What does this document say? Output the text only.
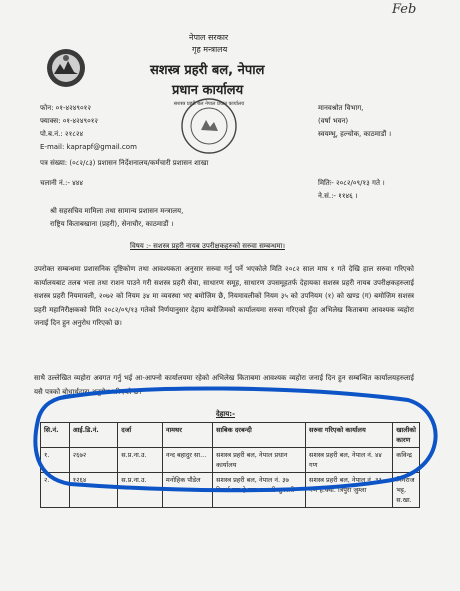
Feb
नेपाल सरकार
गृह मन्त्रालय
सशस्त्र प्रहरी बल, नेपाल
प्रधान कार्यालय
सशस्त्र प्रहरी बल नेपाल प्रधान कार्यालय
फोन: ०१-४२४९०१२
फ्याक्स: ०१-४२४९०१२
पो.ब.नं.: २१८२४
E-mail: kaprapf@gmail.com
मानवश्रोत विभाग,
(वर्षा भवन)
स्वयम्भू, हल्चोक, काठमाडौं ।
पत्र संख्या: (०८२/८३) प्रशासन निर्देशनालय/कर्मचारी प्रशासन शाखा
चलानी नं.:- ४४४	मितिः- २०८२/०९/१३ गते ।
ने.सं.:- ११४६ ।
श्री सहसचिव मामिला तथा सामान्य प्रशासन मन्त्रालय,
राष्ट्रिय किताबखाना (प्रहरी), सेनाचौर, काठमाडौं ।
विषय :- सशस्त्र प्रहरी नायब उपरीक्षकहरुको सरुवा सम्बन्धमा।
उपरोक्त सम्बन्धमा प्रशासनिक दृष्टिकोण तथा आवश्यकता अनुसार सरुवा गर्नु पर्ने भएकोले मिति २०८२ साल माघ १ गते देखि हाल सरुवा गरिएको कार्यालयबाट तलब भत्ता तथा राशन पाउने गरी सशस्त्र प्रहरी सेवा, साधारण समूह, साधारण उपसमूहतर्फ देहायका सशस्त्र प्रहरी नायब उपरीक्षकहरुलाई सशस्त्र प्रहरी नियमावली, २०७२ को नियम ३४ मा व्यवस्था भए बमोजिम छै, नियमावलीको नियम ३५ को उपनियम (१) को खण्ड (ग) बमोजिम सशस्त्र प्रहरी महानिरीक्षकको मिति २०८२/०९/१३ गतेको निर्णयानुसार देहाय बमोजिमको कार्यालयमा सरुवा गरिएको हुँदा अभिलेख किताबमा आवश्यक व्यहोरा जनाई दिन हुन अनुरोध गरिएको छ।
साथै उल्लेखित व्यहोरा अवगत गर्नु भई आ-आफ्नो कार्यालयमा रहेको अभिलेख किताबमा आवश्यक व्यहोरा जनाई दिन हुन सम्बन्धित कार्यालयहरुलाई यसै पत्रको बोधार्थद्वारा अनुरोध गरिएको छ।
देहाय:-
सि.नं.	आई.डि.नं.	दर्जा	नामथर	साबिक दरबन्दी	सरुवा गरिएको कार्यालय	खालीको कारण
१.	२६७२	स.प्र.ना.उ.	नन्द बहादुर सा...	सशस्त्र प्रहरी बल, नेपाल प्रधान कार्यालय	सशस्त्र प्रहरी बल, नेपाल नं. ४४ गण	कविन्द्र
२.	१२६४	स.प्र.ना.उ.	मनोहिक पौडेल	सशस्त्र प्रहरी बल, नेपाल नं. ३७ रिजर्भ गण हे.क्वा. पकली सुनसरी	सशस्त्र प्रहरी बल, नेपाल नं. ३३ गण हे.क्वा. त्रिपुरा जुम्ला	मिनराज भट्ट, स.खा.
